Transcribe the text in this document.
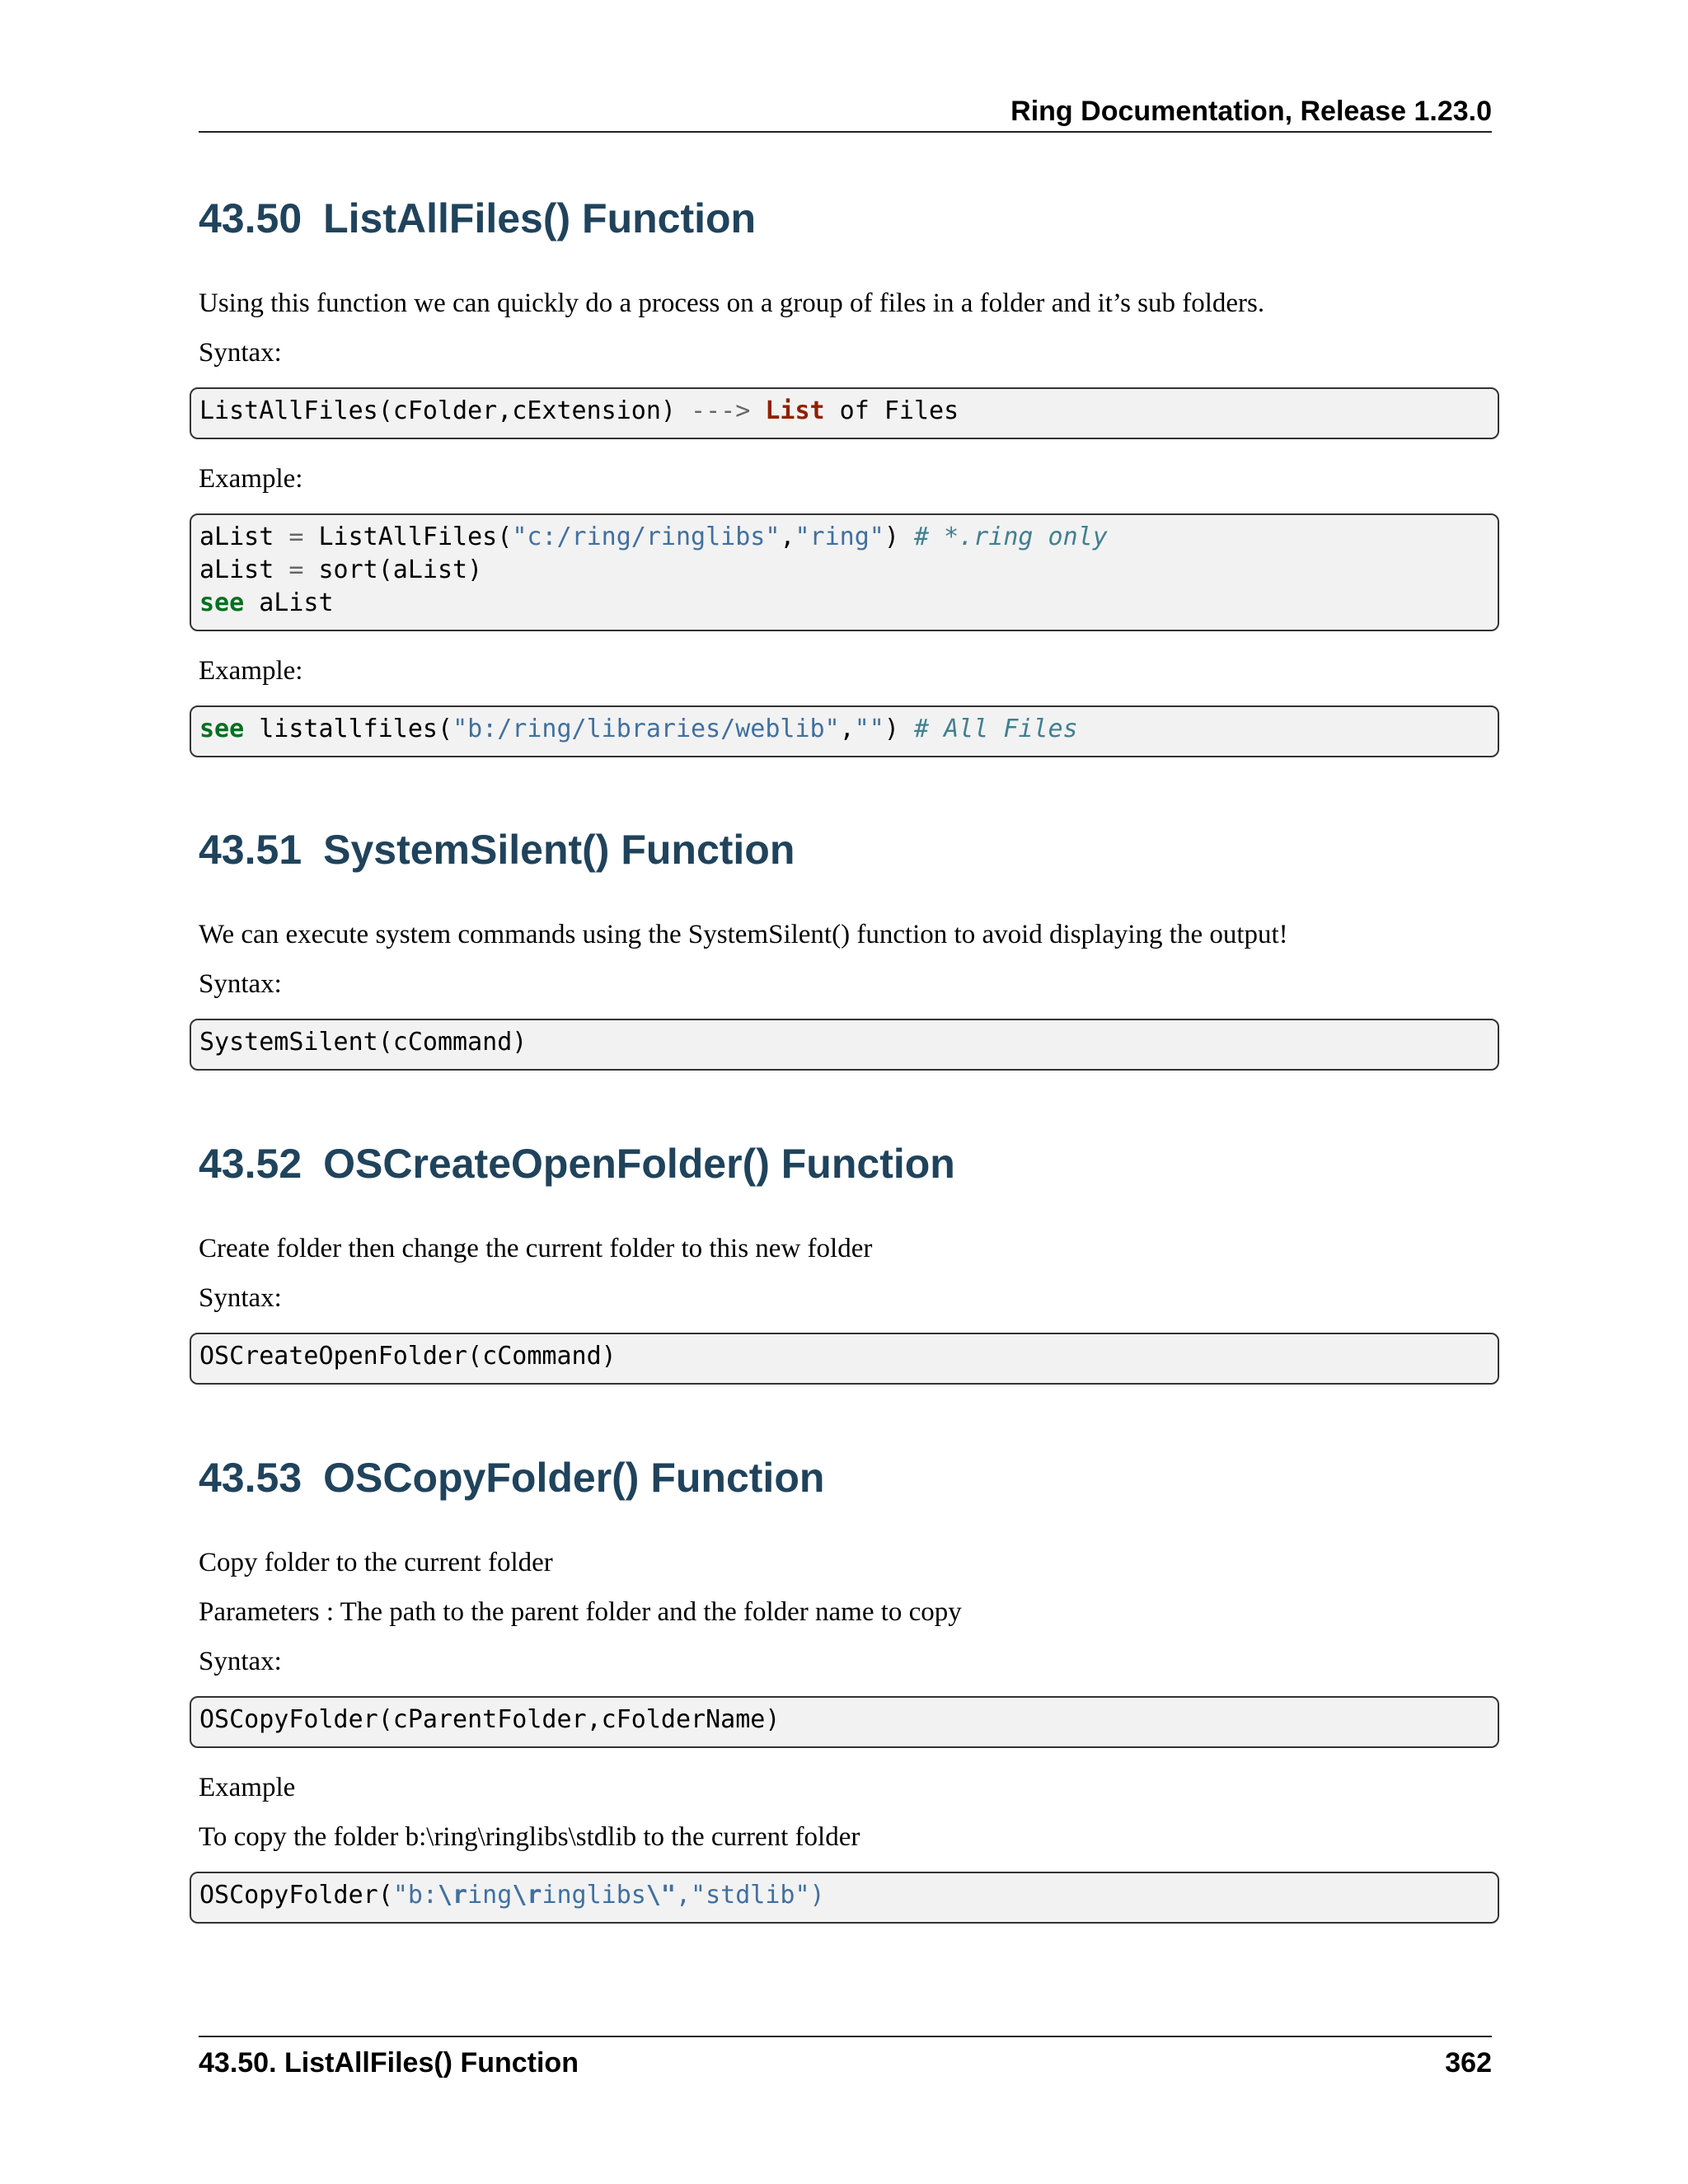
Ring Documentation, Release 1.23.0
43.50 ListAllFiles() Function

Using this function we can quickly do a process on a group of files in a folder and it’s sub folders.

Syntax:

ListAllFiles(cFolder,cExtension) ---> List of Files

Example:

aList = ListAllFiles("c:/ring/ringlibs","ring") # *.ring only
aList = sort(aList)
see aList

Example:

see listallfiles("b:/ring/libraries/weblib","") # All Files
43.51 SystemSilent() Function

We can execute system commands using the SystemSilent() function to avoid displaying the output!

Syntax:

SystemSilent(cCommand)
43.52 OSCreateOpenFolder() Function

Create folder then change the current folder to this new folder

Syntax:

OSCreateOpenFolder(cCommand)
43.53 OSCopyFolder() Function

Copy folder to the current folder

Parameters : The path to the parent folder and the folder name to copy

Syntax:

OSCopyFolder(cParentFolder,cFolderName)

Example

To copy the folder b:\ring\ringlibs\stdlib to the current folder

OSCopyFolder("b:\ring\ringlibs\","stdlib")
43.50. ListAllFiles() Function	362
